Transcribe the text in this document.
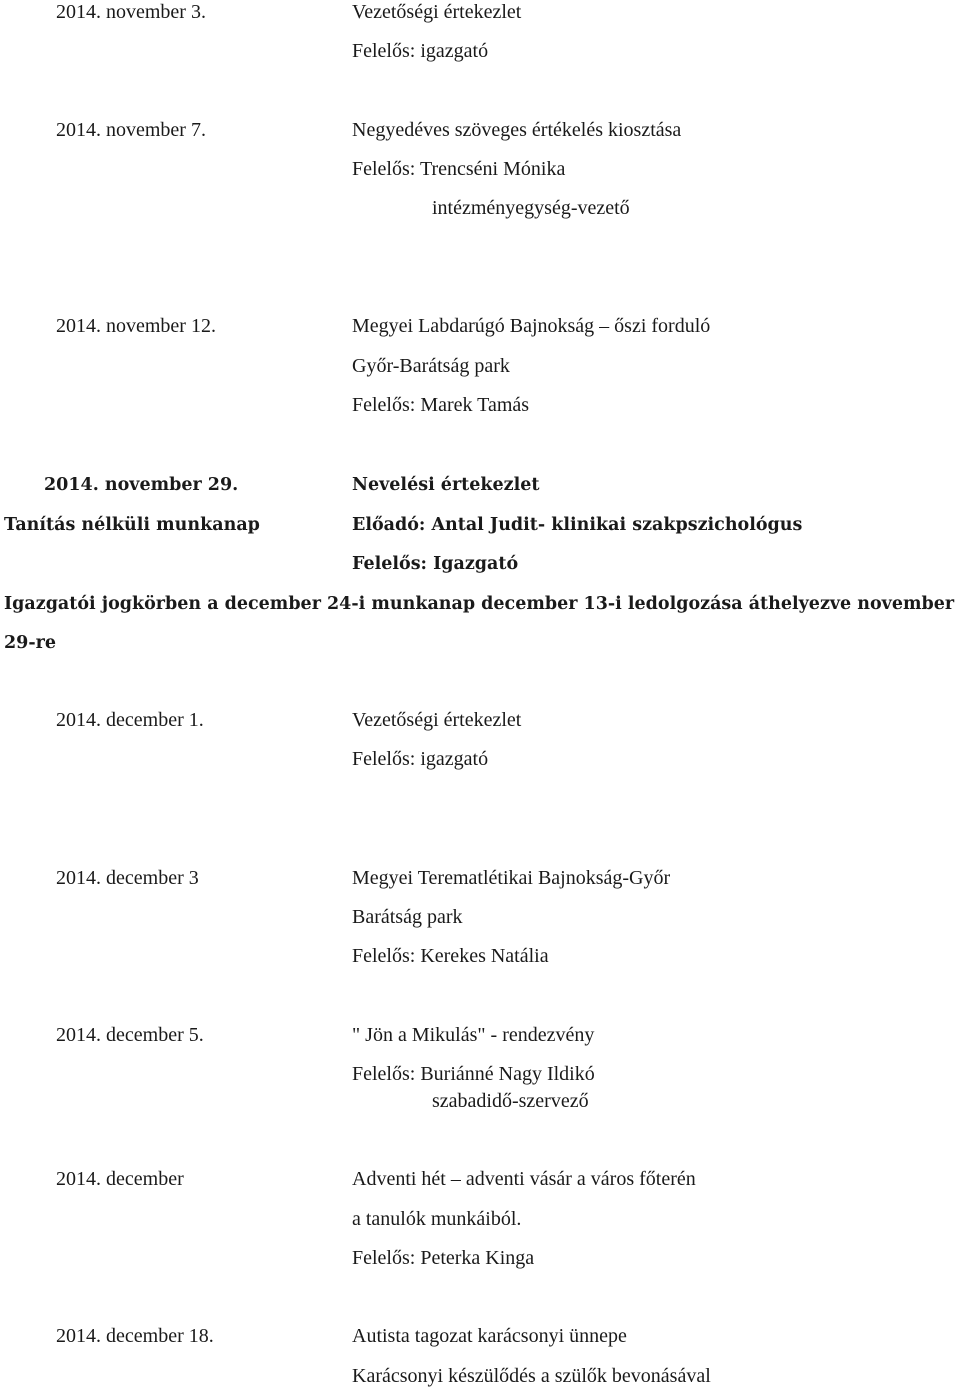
2014. november 3.	Vezetőségi értekezlet
Felelős: igazgató
2014. november 7.	Negyedéves szöveges értékelés kiosztása
Felelős: Trencséni Mónika
intézményegység-vezető
2014. november 12.	Megyei Labdarúgó Bajnokság – őszi forduló
Győr-Barátság park
Felelős: Marek Tamás
2014. november 29.	Nevelési értekezlet
Tanítás nélküli munkanap	Előadó: Antal Judit- klinikai szakpszichológus
Felelős: Igazgató
Igazgatói jogkörben a december 24-i munkanap december 13-i ledolgozása áthelyezve november
29-re
2014. december 1.	Vezetőségi értekezlet
Felelős: igazgató
2014. december 3	Megyei Terematlétikai Bajnokság-Győr
Barátság park
Felelős: Kerekes Natália
2014. december 5.	" Jön a Mikulás" - rendezvény
Felelős: Buriánné Nagy Ildikó
szabadidő-szervező
2014. december	Adventi hét – adventi vásár a város főterén
a tanulók munkáiból.
Felelős: Peterka Kinga
2014. december 18.	Autista tagozat karácsonyi ünnepe
Karácsonyi készülődés a szülők bevonásával
